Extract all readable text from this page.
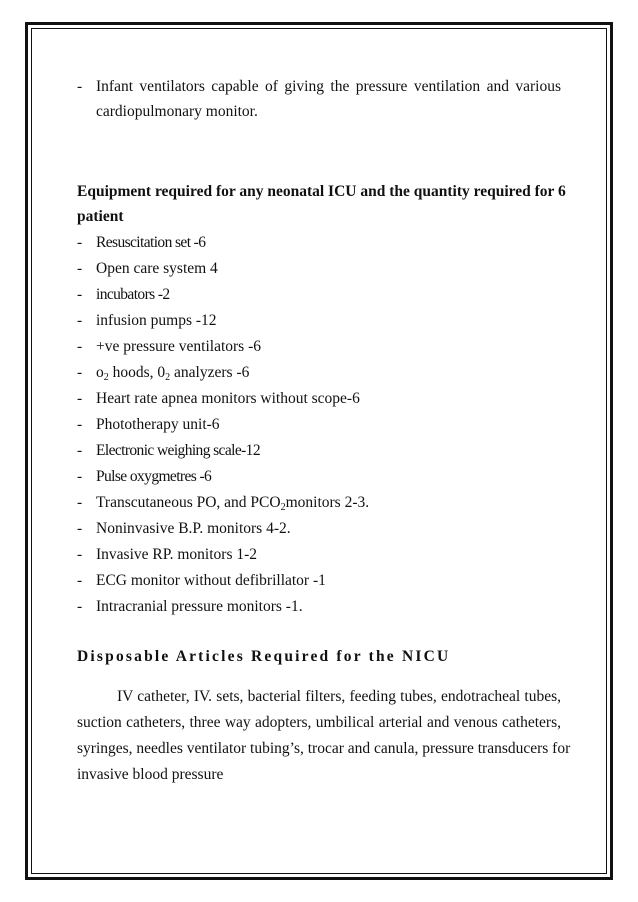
- Infant ventilators capable of giving the pressure ventilation and various
cardiopulmonary monitor.
Equipment required for any neonatal ICU and the quantity required for 6
patient
- Resuscitation set -6
- Open care system 4
- incubators -2
- infusion pumps -12
- +ve pressure ventilators -6
- $o_2$ hoods, $0_2$ analyzers -6
- Heart rate apnea monitors without scope-6
- Phototherapy unit-6
- Electronic weighing scale-12
- Pulse oxygmetres -6
- Transcutaneous PO, and $PCO_2monitors$ 2-3.
- Noninvasive B.P. monitors 4-2.
- Invasive RP. monitors 1-2
- ECG monitor without defibrillator -1
- Intracranial pressure monitors -1.
Disposable Articles Required for the NICU
IV catheter, IV. sets, bacterial filters, feeding tubes, endotracheal tubes,
suction catheters, three way adopters, umbilical arterial and venous catheters,
syringes, needles ventilator tubing’s, trocar and canula, pressure transducers for
invasive blood pressure
